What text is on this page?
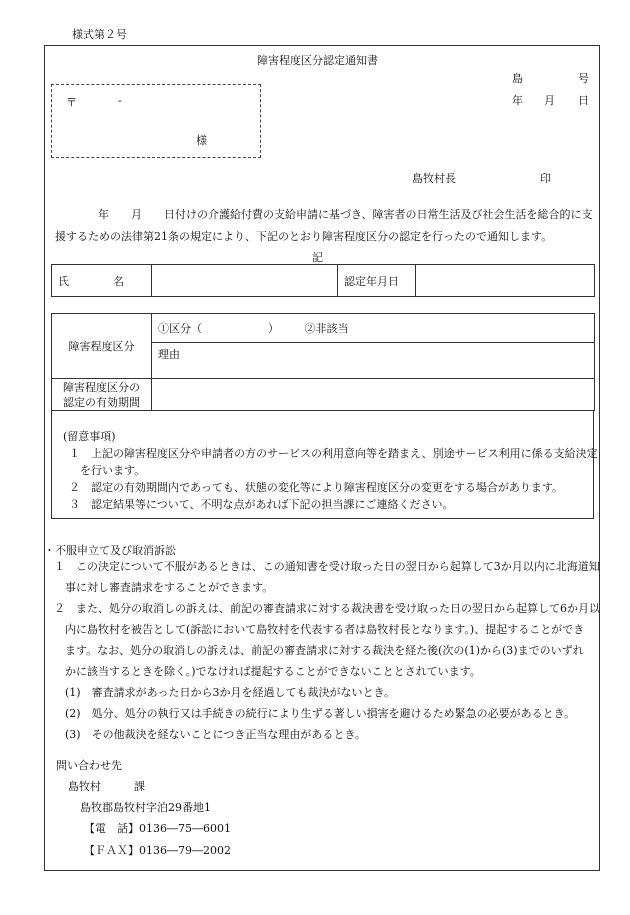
様式第２号
障害程度区分認定通知書
島	号
年 月 日
〒	-
様
島牧村長	印
年　　月　　日付けの介護給付費の支給申請に基づき、障害者の日常生活及び社会生活を総合的に支
援するための法律第21条の規定により、下記のとおり障害程度区分の認定を行ったので通知します。
記
氏　　　　名		認定年月日	
障害程度区分	①区分（　　　　　　） ②非該当
	理由

障害程度区分の
認定の有効期間	

(留意事項)
１　上記の障害程度区分や申請者の方のサービスの利用意向等を踏まえ、別途サービス利用に係る支給決定
　を行います。
２　認定の有効期間内であっても、状態の変化等により障害程度区分の変更をする場合があります。
３　認定結果等について、不明な点があれば下記の担当課にご連絡ください。
・不服申立て及び取消訴訟
１　この決定について不服があるときは、この通知書を受け取った日の翌日から起算して3か月以内に北海道知
　事に対し審査請求をすることができます。
２　また、処分の取消しの訴えは、前記の審査請求に対する裁決書を受け取った日の翌日から起算して6か月以
　内に島牧村を被告として(訴訟において島牧村を代表する者は島牧村長となります。)、提起することができ
　ます。なお、処分の取消しの訴えは、前記の審査請求に対する裁決を経た後(次の(1)から(3)までのいずれ
　かに該当するときを除く。)でなければ提起することができないこととされています。
　(1)　審査請求があった日から3か月を経過しても裁決がないとき。
　(2)　処分、処分の執行又は手続きの続行により生ずる著しい損害を避けるため緊急の必要があるとき。
　(3)　その他裁決を経ないことにつき正当な理由があるとき。
問い合わせ先
島牧村　　　課
島牧郡島牧村字泊29番地1
【電　話】0136―75―6001
【ＦＡＸ】0136―79―2002
